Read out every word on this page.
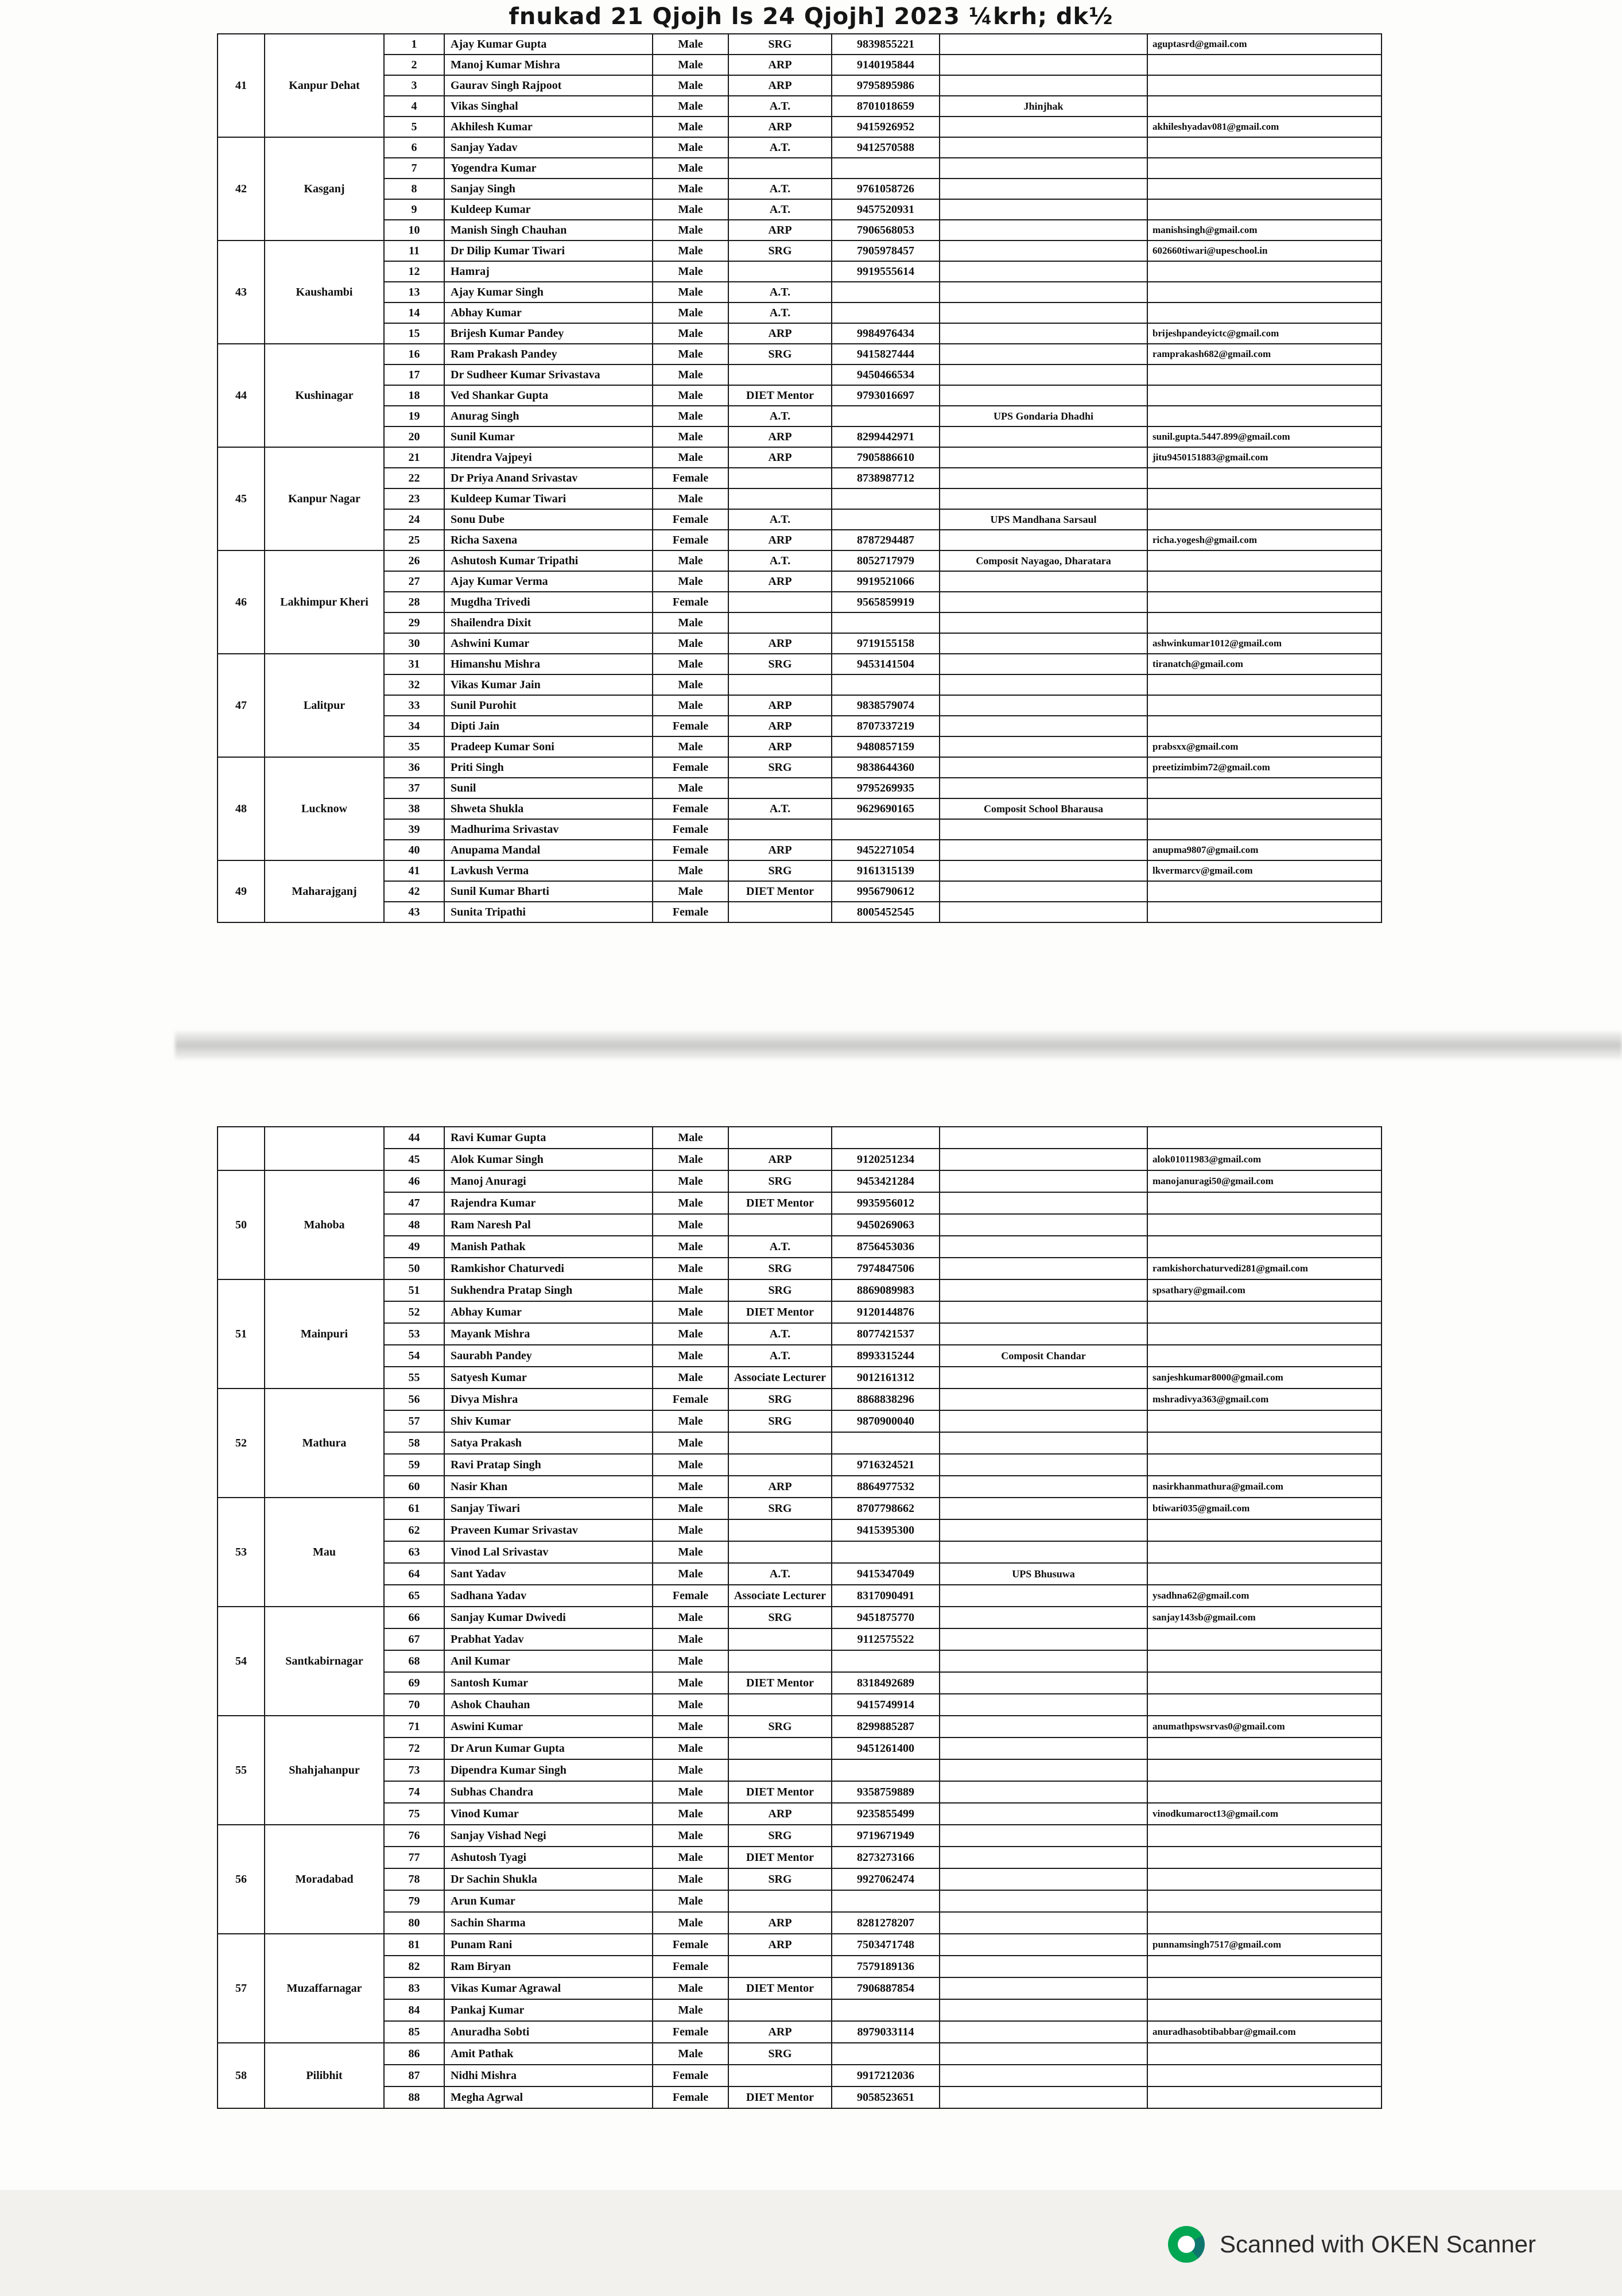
fnukad 21 Qjojh ls 24 Qjojh] 2023 ¼krh; dk½
41	Kanpur Dehat	1	Ajay Kumar Gupta	Male	SRG	9839855221		aguptasrd@gmail.com
		2	Manoj Kumar Mishra	Male	ARP	9140195844		
		3	Gaurav Singh Rajpoot	Male	ARP	9795895986		
		4	Vikas Singhal	Male	A.T.	8701018659	Jhinjhak	
		5	Akhilesh Kumar	Male	ARP	9415926952		akhileshyadav081@gmail.com
42	Kasganj	6	Sanjay Yadav	Male	A.T.	9412570588		
		7	Yogendra Kumar	Male				
		8	Sanjay Singh	Male	A.T.	9761058726		
		9	Kuldeep Kumar	Male	A.T.	9457520931		
		10	Manish Singh Chauhan	Male	ARP	7906568053		manishsingh@gmail.com
43	Kaushambi	11	Dr Dilip Kumar Tiwari	Male	SRG	7905978457		602660tiwari@upeschool.in
		12	Hamraj	Male		9919555614		
		13	Ajay Kumar Singh	Male	A.T.			
		14	Abhay Kumar	Male	A.T.			
		15	Brijesh Kumar Pandey	Male	ARP	9984976434		brijeshpandeyictc@gmail.com
44	Kushinagar	16	Ram Prakash Pandey	Male	SRG	9415827444		ramprakash682@gmail.com
		17	Dr Sudheer Kumar Srivastava	Male		9450466534		
		18	Ved Shankar Gupta	Male	DIET Mentor	9793016697		
		19	Anurag Singh	Male	A.T.		UPS Gondaria Dhadhi	
		20	Sunil Kumar	Male	ARP	8299442971		sunil.gupta.5447.899@gmail.com
45	Kanpur Nagar	21	Jitendra Vajpeyi	Male	ARP	7905886610		jitu9450151883@gmail.com
		22	Dr Priya Anand Srivastav	Female		8738987712		
		23	Kuldeep Kumar Tiwari	Male				
		24	Sonu Dube	Female	A.T.		UPS Mandhana Sarsaul	
		25	Richa Saxena	Female	ARP	8787294487		richa.yogesh@gmail.com
46	Lakhimpur Kheri	26	Ashutosh Kumar Tripathi	Male	A.T.	8052717979	Composit Nayagao, Dharatara	
		27	Ajay Kumar Verma	Male	ARP	9919521066		
		28	Mugdha Trivedi	Female		9565859919		
		29	Shailendra Dixit	Male				
		30	Ashwini Kumar	Male	ARP	9719155158		ashwinkumar1012@gmail.com
47	Lalitpur	31	Himanshu Mishra	Male	SRG	9453141504		tiranatch@gmail.com
		32	Vikas Kumar Jain	Male				
		33	Sunil Purohit	Male	ARP	9838579074		
		34	Dipti Jain	Female	ARP	8707337219		
		35	Pradeep Kumar Soni	Male	ARP	9480857159		prabsxx@gmail.com
48	Lucknow	36	Priti Singh	Female	SRG	9838644360		preetizimbim72@gmail.com
		37	Sunil	Male		9795269935		
		38	Shweta Shukla	Female	A.T.	9629690165	Composit School Bharausa	
		39	Madhurima Srivastav	Female				
		40	Anupama Mandal	Female	ARP	9452271054		anupma9807@gmail.com
49	Maharajganj	41	Lavkush Verma	Male	SRG	9161315139		lkvermarcv@gmail.com
		42	Sunil Kumar Bharti	Male	DIET Mentor	9956790612		
		43	Sunita Tripathi	Female		8005452545		
		44	Ravi Kumar Gupta	Male				
		45	Alok Kumar Singh	Male	ARP	9120251234		alok01011983@gmail.com
50	Mahoba	46	Manoj Anuragi	Male	SRG	9453421284		manojanuragi50@gmail.com
		47	Rajendra Kumar	Male	DIET Mentor	9935956012		
		48	Ram Naresh Pal	Male		9450269063		
		49	Manish Pathak	Male	A.T.	8756453036		
		50	Ramkishor Chaturvedi	Male	SRG	7974847506		ramkishorchaturvedi281@gmail.com
51	Mainpuri	51	Sukhendra Pratap Singh	Male	SRG	8869089983		spsathary@gmail.com
		52	Abhay Kumar	Male	DIET Mentor	9120144876		
		53	Mayank Mishra	Male	A.T.	8077421537		
		54	Saurabh Pandey	Male	A.T.	8993315244	Composit Chandar	
		55	Satyesh Kumar	Male	Associate Lecturer	9012161312		sanjeshkumar8000@gmail.com
52	Mathura	56	Divya Mishra	Female	SRG	8868838296		mshradivya363@gmail.com
		57	Shiv Kumar	Male	SRG	9870900040		
		58	Satya Prakash	Male				
		59	Ravi Pratap Singh	Male		9716324521		
		60	Nasir Khan	Male	ARP	8864977532		nasirkhanmathura@gmail.com
53	Mau	61	Sanjay Tiwari	Male	SRG	8707798662		btiwari035@gmail.com
		62	Praveen Kumar Srivastav	Male		9415395300		
		63	Vinod Lal Srivastav	Male				
		64	Sant Yadav	Male	A.T.	9415347049	UPS Bhusuwa	
		65	Sadhana Yadav	Female	Associate Lecturer	8317090491		ysadhna62@gmail.com
54	Santkabirnagar	66	Sanjay Kumar Dwivedi	Male	SRG	9451875770		sanjay143sb@gmail.com
		67	Prabhat Yadav	Male		9112575522		
		68	Anil Kumar	Male				
		69	Santosh Kumar	Male	DIET Mentor	8318492689		
		70	Ashok Chauhan	Male		9415749914		
55	Shahjahanpur	71	Aswini Kumar	Male	SRG	8299885287		anumathpswsrvas0@gmail.com
		72	Dr Arun Kumar Gupta	Male		9451261400		
		73	Dipendra Kumar Singh	Male				
		74	Subhas Chandra	Male	DIET Mentor	9358759889		
		75	Vinod Kumar	Male	ARP	9235855499		vinodkumaroct13@gmail.com
56	Moradabad	76	Sanjay Vishad Negi	Male	SRG	9719671949		
		77	Ashutosh Tyagi	Male	DIET Mentor	8273273166		
		78	Dr Sachin Shukla	Male	SRG	9927062474		
		79	Arun Kumar	Male				
		80	Sachin Sharma	Male	ARP	8281278207		
57	Muzaffarnagar	81	Punam Rani	Female	ARP	7503471748		punnamsingh7517@gmail.com
		82	Ram Biryan	Female		7579189136		
		83	Vikas Kumar Agrawal	Male	DIET Mentor	7906887854		
		84	Pankaj Kumar	Male				
		85	Anuradha Sobti	Female	ARP	8979033114		anuradhasobtibabbar@gmail.com
58	Pilibhit	86	Amit Pathak	Male	SRG			
		87	Nidhi Mishra	Female		9917212036		
		88	Megha Agrwal	Female	DIET Mentor	9058523651		
Scanned with OKEN Scanner
